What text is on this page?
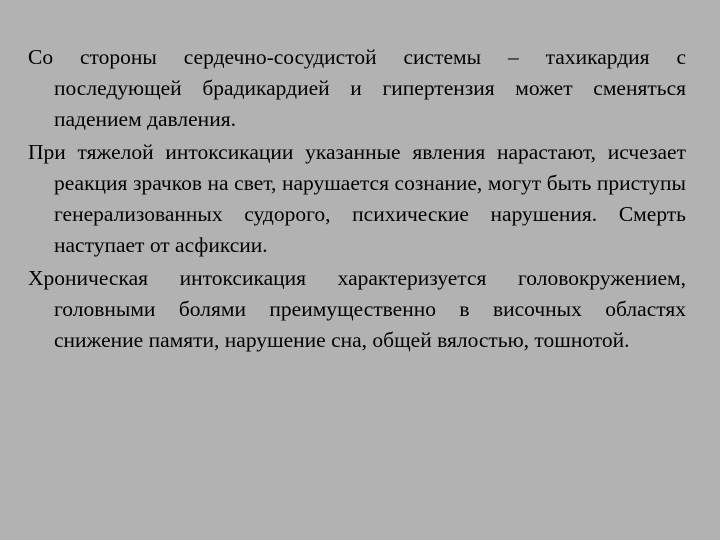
Со стороны сердечно-сосудистой системы – тахикардия с последующей брадикардией и гипертензия может сменяться падением давления.

При тяжелой интоксикации указанные явления нарастают, исчезает реакция зрачков на свет, нарушается сознание, могут быть приступы генерализованных судорого, психические нарушения. Смерть наступает от асфиксии.

Хроническая интоксикация характеризуется головокружением, головными болями преимущественно в височных областях снижение памяти, нарушение сна, общей вялостью, тошнотой.
